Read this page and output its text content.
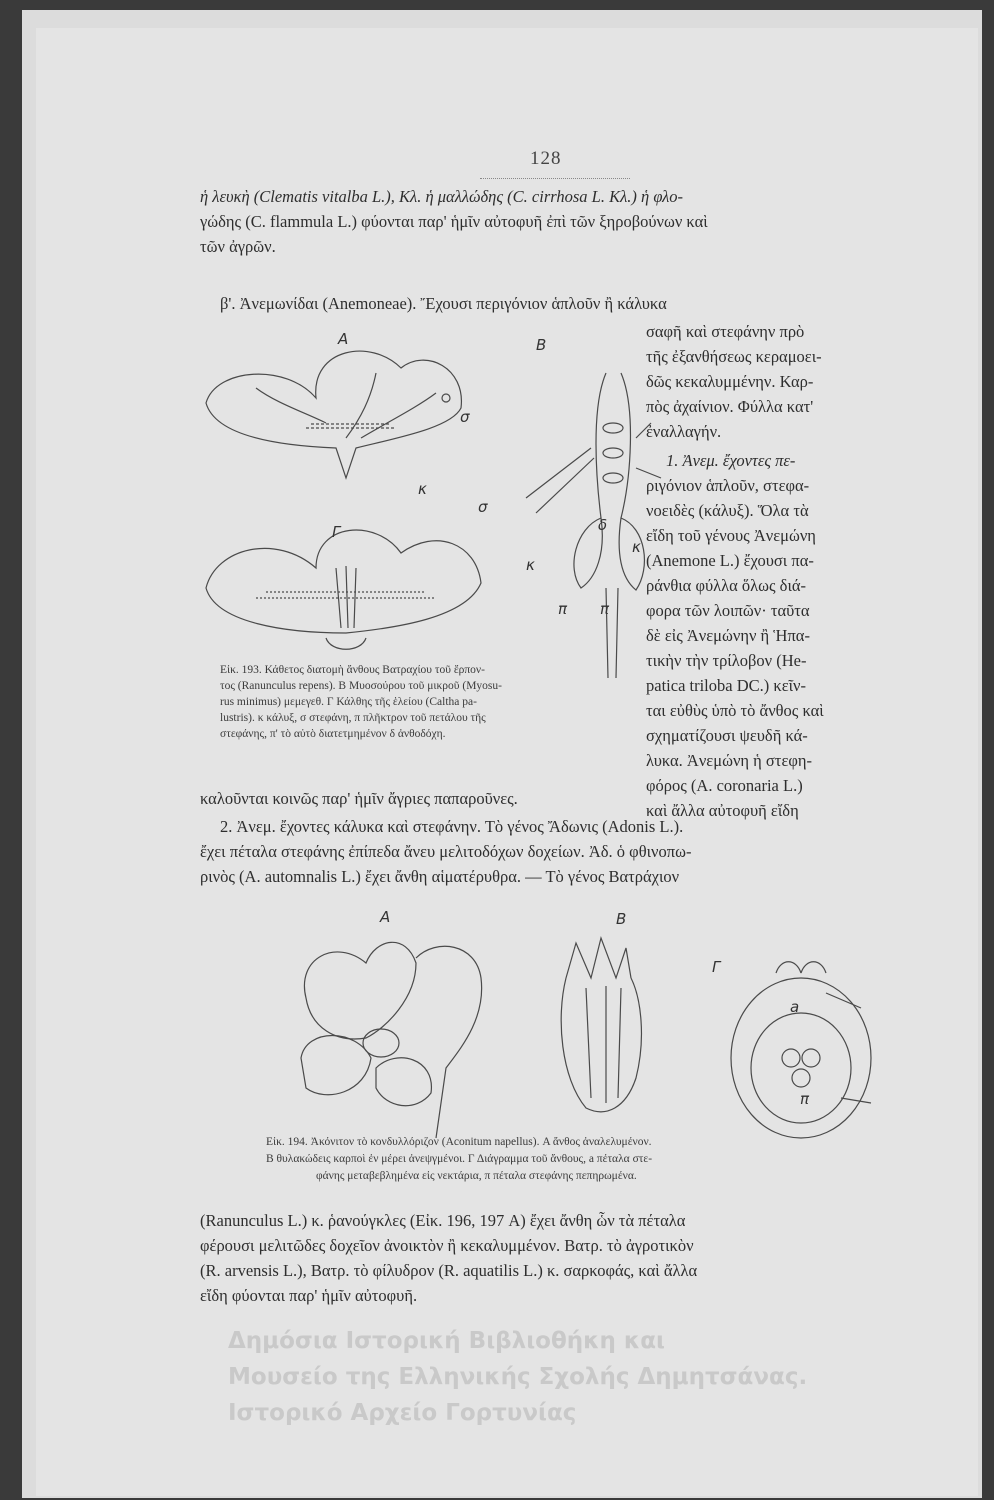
128
ἡ λευκὴ (Clematis vitalba L.), Κλ. ἡ μαλλώδης (C. cirrhosa L. Κλ.) ἡ φλο-
γώδης (C. flammula L.) φύονται παρ' ἡμῖν αὐτοφυῆ ἐπὶ τῶν ξηροβούνων καὶ
τῶν ἀγρῶν.
β'. Ἀνεμωνίδαι (Anemoneae). Ἔχουσι περιγόνιον ἁπλοῦν ἢ κάλυκα
σαφῆ καὶ στεφάνην πρὸ
τῆς ἐξανθήσεως κεραμοει-
δῶς κεκαλυμμένην. Καρ-
πὸς ἀχαίνιον. Φύλλα κατ'
ἐναλλαγήν.
1. Ἀνεμ. ἔχοντες πε-
ριγόνιον ἁπλοῦν, στεφα-
νοειδὲς (κάλυξ). Ὅλα τὰ
εἴδη τοῦ γένους Ἀνεμώνη
(Anemone L.) ἔχουσι πα-
ράνθια φύλλα ὅλως διά-
φορα τῶν λοιπῶν· ταῦτα
δὲ εἰς Ἀνεμώνην ἢ Ἡπα-
τικὴν τὴν τρίλοβον (He-
patica triloba DC.) κεῖν-
ται εὐθὺς ὑπὸ τὸ ἄνθος καὶ
σχηματίζουσι ψευδῆ κά-
λυκα. Ἀνεμώνη ἡ στεφη-
φόρος (A. coronaria L.)
καὶ ἄλλα αὐτοφυῆ εἴδη
A	B
Γ
σ
κ
σ
δ
κ
κ
π π
Εἰκ. 193. Κάθετος διατομὴ ἄνθους Βατραχίου τοῦ ἕρπον-
τος (Ranunculus repens). B Μυοσούρου τοῦ μικροῦ (Myosu-
rus minimus) μεμεγεθ. Γ Κάλθης τῆς ἑλείου (Caltha pa-
lustris). κ κάλυξ, σ στεφάνη, π πλῆκτρον τοῦ πετάλου τῆς
στεφάνης, π' τὸ αὐτὸ διατετμημένον δ ἀνθοδόχη.
καλοῦνται κοινῶς παρ' ἡμῖν ἄγριες παπαροῦνες.
2. Ἀνεμ. ἔχοντες κάλυκα καὶ στεφάνην. Τὸ γένος Ἄδωνις (Adonis L.).
ἔχει πέταλα στεφάνης ἐπίπεδα ἄνευ μελιτοδόχων δοχείων. Ἀδ. ὁ φθινοπω-
ρινὸς (A. automnalis L.) ἔχει ἄνθη αἱματέρυθρα. — Τὸ γένος Βατράχιον
A	B
Γ
a
π
Εἰκ. 194. Ἀκόνιτον τὸ κονδυλλόριζον (Aconitum napellus). A ἄνθος ἀναλελυμένον.
B θυλακώδεις καρποὶ ἐν μέρει ἀνεψγμένοι. Γ Διάγραμμα τοῦ ἄνθους, a πέταλα στε-
φάνης μεταβεβλημένα εἰς νεκτάρια, π πέταλα στεφάνης πεπηρωμένα.
(Ranunculus L.) κ. ῥανούγκλες (Εἰκ. 196, 197 A) ἔχει ἄνθη ὧν τὰ πέταλα
φέρουσι μελιτῶδες δοχεῖον ἀνοικτὸν ἢ κεκαλυμμένον. Βατρ. τὸ ἀγροτικὸν
(R. arvensis L.), Βατρ. τὸ φίλυδρον (R. aquatilis L.) κ. σαρκοφάς, καὶ ἄλλα
εἴδη φύονται παρ' ἡμῖν αὐτοφυῆ.
Δημόσια Ιστορική Βιβλιοθήκη και
Μουσείο της Ελληνικής Σχολής Δημητσάνας.
Ιστορικό Αρχείο Γορτυνίας
